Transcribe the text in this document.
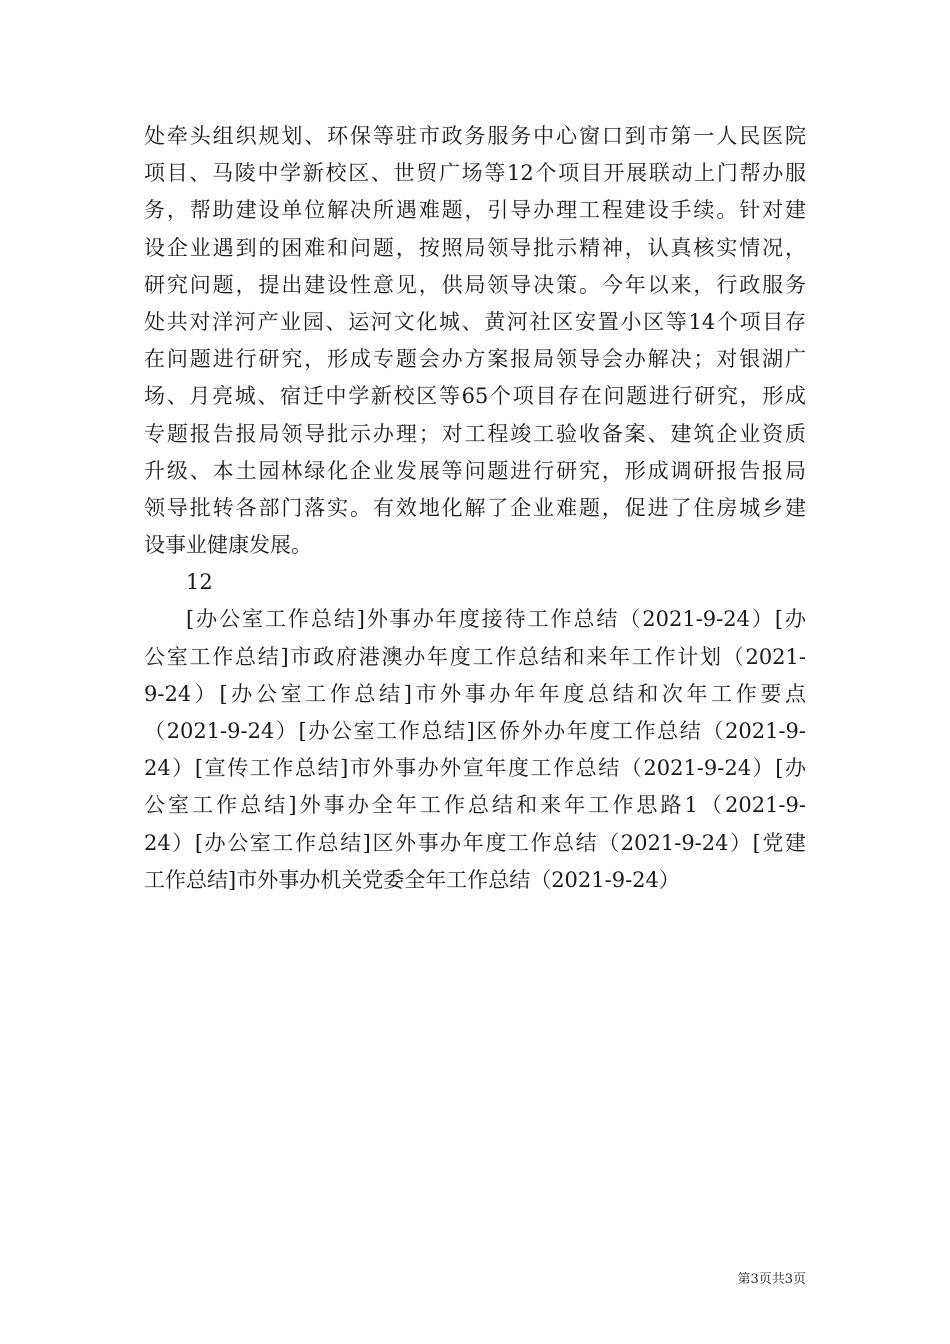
处牵头组织规划、环保等驻市政务服务中心窗口到市第一人民医院
项目、马陵中学新校区、世贸广场等12个项目开展联动上门帮办服
务，帮助建设单位解决所遇难题，引导办理工程建设手续。针对建
设企业遇到的困难和问题，按照局领导批示精神，认真核实情况，
研究问题，提出建设性意见，供局领导决策。今年以来，行政服务
处共对洋河产业园、运河文化城、黄河社区安置小区等14个项目存
在问题进行研究，形成专题会办方案报局领导会办解决；对银湖广
场、月亮城、宿迁中学新校区等65个项目存在问题进行研究，形成
专题报告报局领导批示办理；对工程竣工验收备案、建筑企业资质
升级、本土园林绿化企业发展等问题进行研究，形成调研报告报局
领导批转各部门落实。有效地化解了企业难题，促进了住房城乡建
设事业健康发展。
12
[办公室工作总结]外事办年度接待工作总结（2021-9-24）[办
公室工作总结]市政府港澳办年度工作总结和来年工作计划（2021-
9-24）[办公室工作总结]市外事办年年度总结和次年工作要点
（2021-9-24）[办公室工作总结]区侨外办年度工作总结（2021-9-
24）[宣传工作总结]市外事办外宣年度工作总结（2021-9-24）[办
公室工作总结]外事办全年工作总结和来年工作思路1（2021-9-
24）[办公室工作总结]区外事办年度工作总结（2021-9-24）[党建
工作总结]市外事办机关党委全年工作总结（2021-9-24）
第3页共3页
